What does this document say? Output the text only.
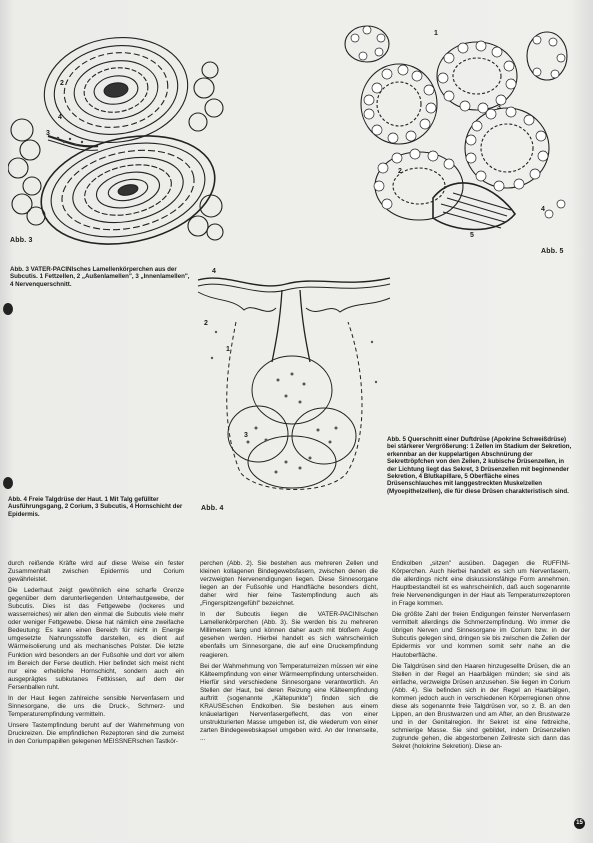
2
3
4
Abb. 3
1
2
3
4
5
Abb. 5
Abb. 3 VATER-PACINIsches Lamellenkörperchen aus der Subcutis. 1 Fettzellen, 2 „Außenlamellen", 3 „Innenlamellen", 4 Nervenquerschnitt.
4
2
3
1
Abb. 4
Abb. 5 Querschnitt einer Duftdrüse (Apokrine Schweißdrüse) bei stärkerer Vergrößerung: 1 Zellen im Stadium der Sekretion, erkennbar an der kuppelartigen Abschnürung der Sekrettröpfchen von den Zellen, 2 kubische Drüsenzellen, in der Lichtung liegt das Sekret, 3 Drüsenzellen mit beginnender Sekretion, 4 Blutkapillare, 5 Oberfläche eines Drüsenschlauches mit langgestreckten Muskelzellen (Myoepithelzellen), die für diese Drüsen charakteristisch sind.
Abb. 4 Freie Talgdrüse der Haut. 1 Mit Talg gefüllter Ausführungsgang, 2 Corium, 3 Subcutis, 4 Hornschicht der Epidermis.

durch reißende Kräfte wird auf diese Weise ein fester Zusammenhalt zwischen Epidermis und Corium gewährleistet.

Die Lederhaut zeigt gewöhnlich eine scharfe Grenze gegenüber dem darunterliegenden Unterhautgewebe, der Subcutis. Dies ist das Fettgewebe (lockeres und wasserreiches) wir allen den einmal die Subcutis viele mehr oder weniger Fettgewebe. Diese hat nämlich eine zweifache Bedeutung: Es kann einen Bereich für nicht in Energie umgesetzte Nahrungsstoffe darstellen, es dient auf Wärmeisolierung und als mechanisches Polster. Die letzte Funktion wird besonders an der Fußsohle und dort vor allem im Bereich der Ferse deutlich. Hier befindet sich meist nicht nur eine erhebliche Hornschicht, sondern auch ein ausgeprägtes subkutanes Fettkissen, auf dem der Fersenballen ruht.

In der Haut liegen zahlreiche sensible Nervenfasern und Sinnesorgane, die uns die Druck-, Schmerz- und Temperaturempfindung vermitteln.

Unsere Tastempfindung beruht auf der Wahrnehmung von Druckreizen. Die empfindlichen Rezeptoren sind die zumeist in den Coriumpapillen gelegenen MEISSNERschen Tastkör-

perchen (Abb. 2). Sie bestehen aus mehreren Zellen und kleinen kollagenen Bindegewebsfasern, zwischen denen die verzweigten Nervenendigungen liegen. Diese Sinnesorgane liegen an der Fußsohle und Handfläche besonders dicht, daher wird hier feine Tastempfindung auch als „Fingerspitzengefühl" bezeichnet.

In der Subcutis liegen die VATER-PACINIschen Lamellenkörperchen (Abb. 3). Sie werden bis zu mehreren Millimetern lang und können daher auch mit bloßem Auge gesehen werden. Hierbei handelt es sich wahrscheinlich ebenfalls um Sinnesorgane, die auf eine Druckempfindung reagieren.

Bei der Wahrnehmung von Temperaturreizen müssen wir eine Kälteempfindung von einer Wärmeempfindung unterscheiden. Hierfür sind verschiedene Sinnesorgane verantwortlich. An Stellen der Haut, bei deren Reizung eine Kälteempfindung auftritt (sogenannte „Kältepunkte") finden sich die KRAUSEschen Endkolben. Sie bestehen aus einem knäuelartigen Nervenfasergeflecht, das von einer unstrukturierten Masse umgeben ist, die wiederum von einer zarten Bindegewebskapsel umgeben wird. An der Innenseite, ...

Endkolben „sitzen" ausüben. Dagegen die RUFFINI-Körperchen. Auch hierbei handelt es sich um Nervenfasern, die allerdings nicht eine diskussionsfähige Form annehmen. Hauptbestandteil ist es wahrscheinlich, daß auch sogenannte freie Nervenendigungen in der Haut als Temperaturrezeptoren in Frage kommen.

Die größte Zahl der freien Endigungen feinster Nervenfasern vermittelt allerdings die Schmerzempfindung. Wo immer die übrigen Nerven und Sinnesorgane im Corium bzw. in der Subcutis gelegen sind, dringen sie bis zwischen die Zellen der Epidermis vor und kommen somit sehr nahe an die Hautoberfläche.

Die Talgdrüsen sind den Haaren hinzugesellte Drüsen, die an Stellen in der Regel an Haarbälgen münden; sie sind als einfache, verzweigte Drüsen anzusehen. Sie liegen im Corium (Abb. 4). Sie befinden sich in der Regel an Haarbälgen, kommen jedoch auch in verschiedenen Körperregionen ohne diese als sogenannte freie Talgdrüsen vor, so z. B. an den Lippen, an den Brustwarzen und am After, an den Brustwarze und in der Genitalregion. Ihr Sekret ist eine fettreiche, schmierige Masse. Sie sind gebildet, indem Drüsenzellen zugrunde gehen, die abgestorbenen Zellreste sich dann das Sekret (holokrine Sekretion). Diese an-

15
